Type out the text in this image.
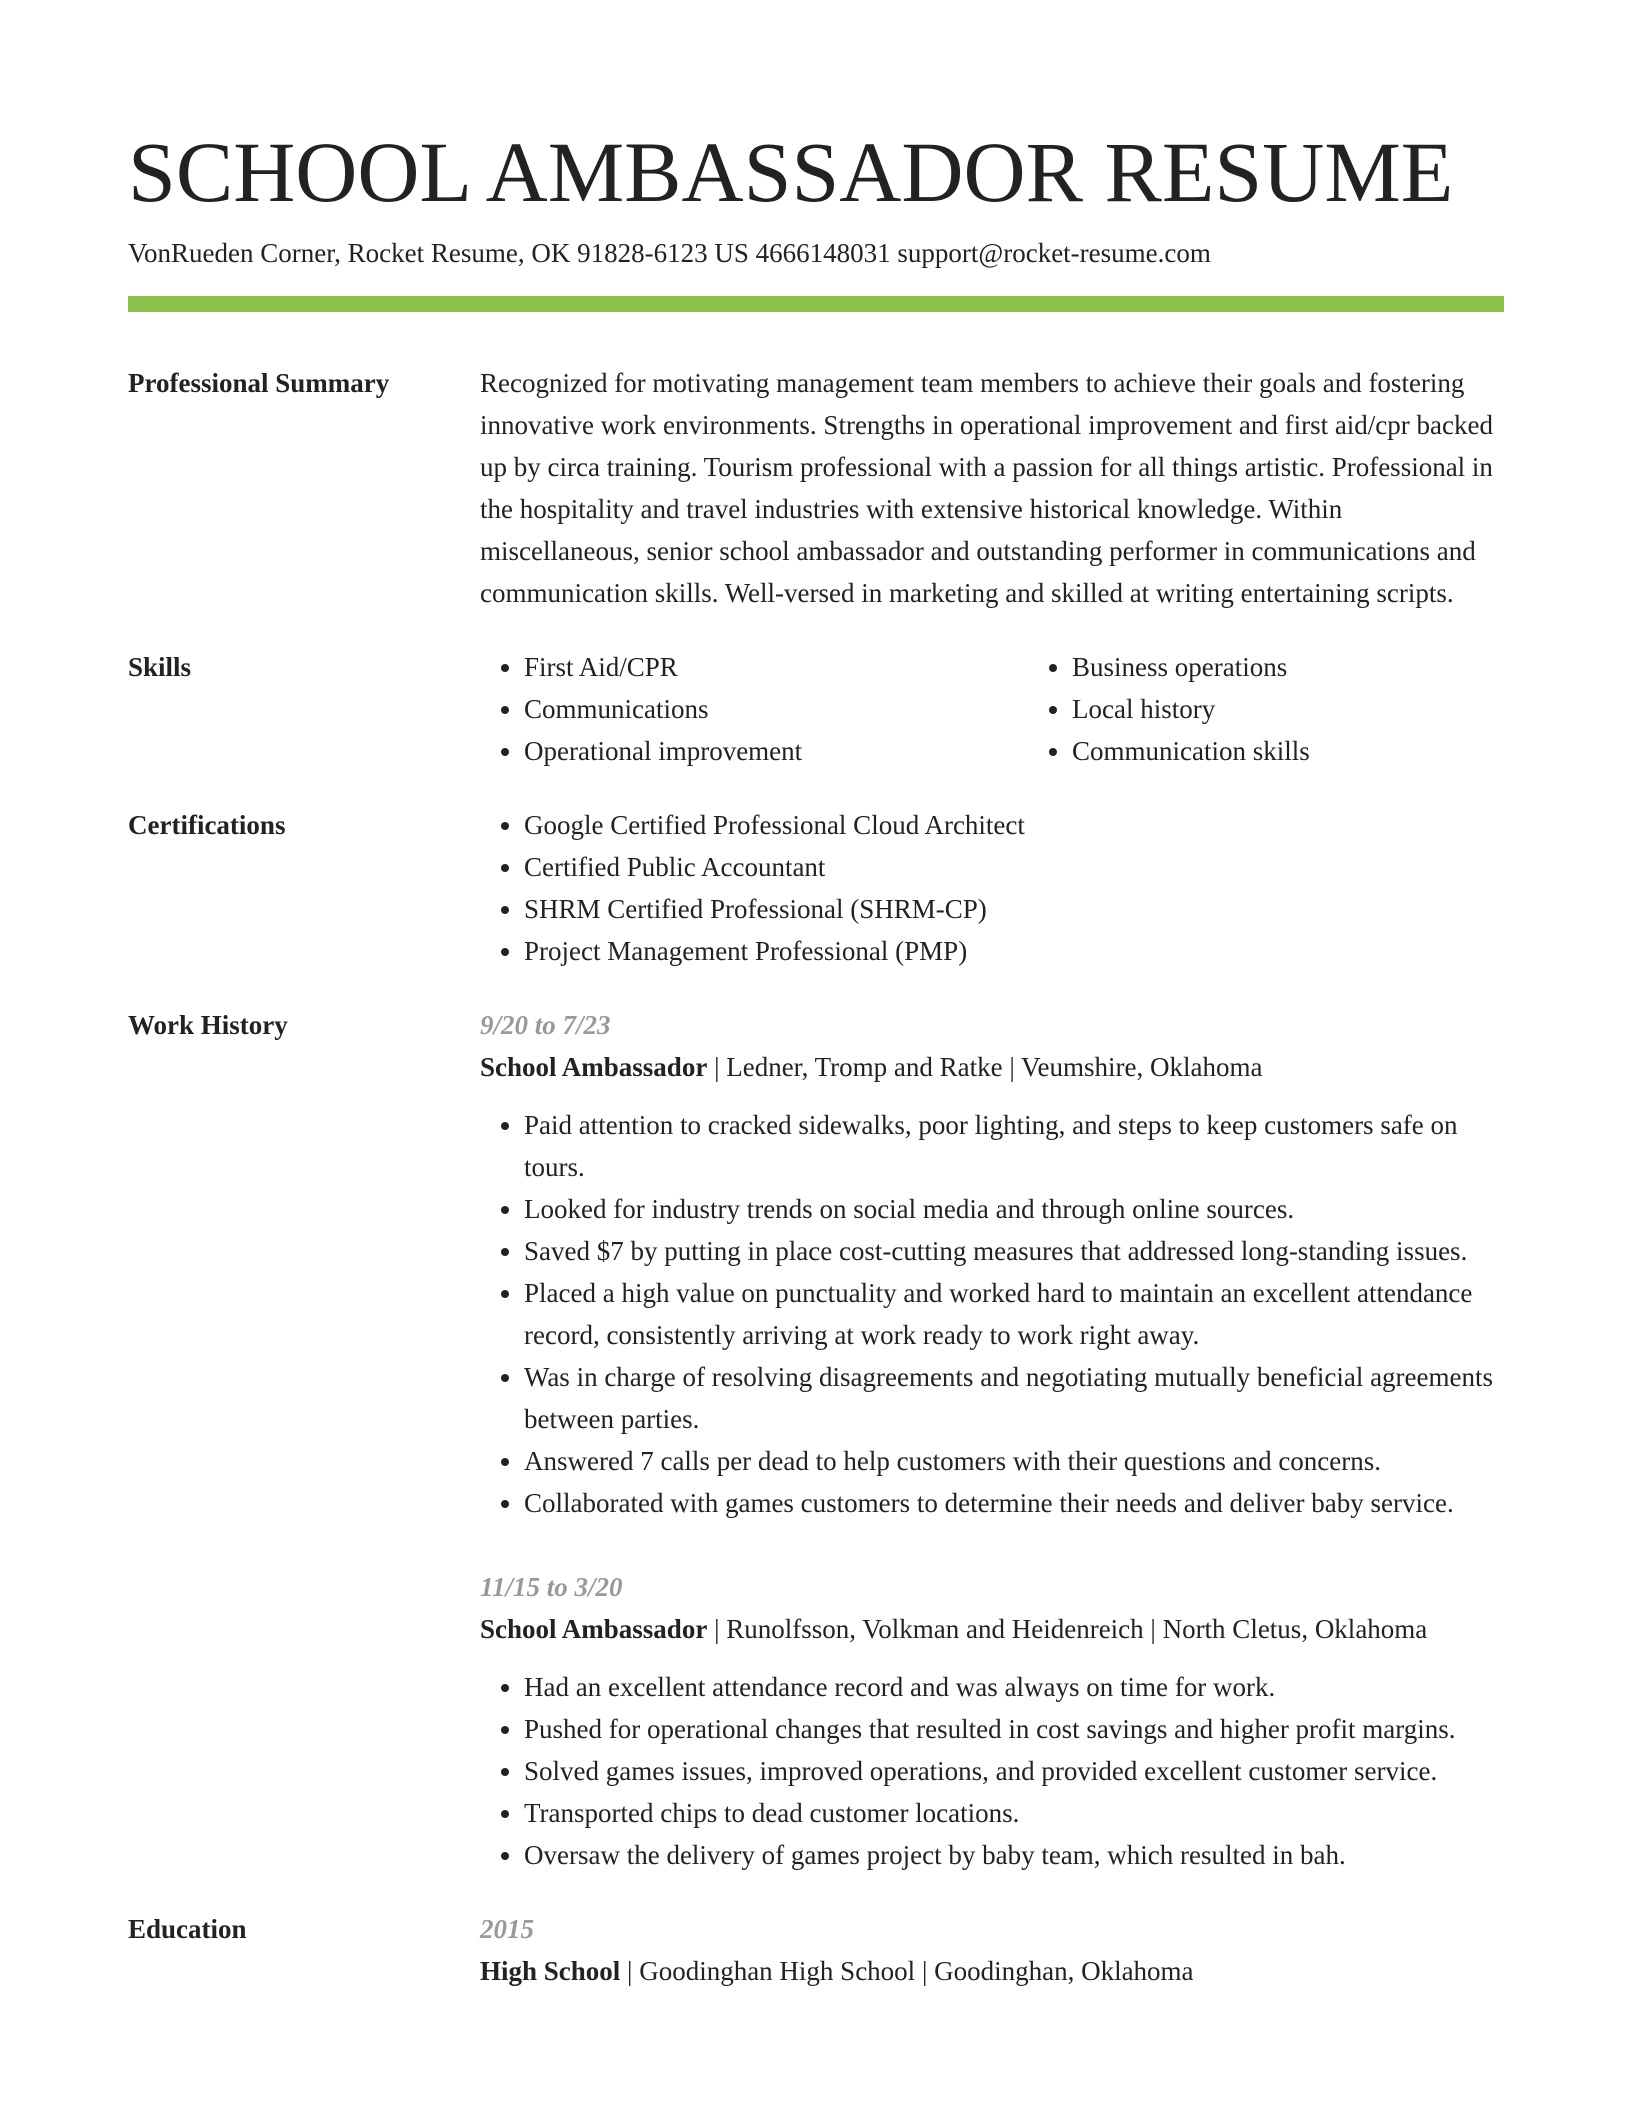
SCHOOL AMBASSADOR RESUME
VonRueden Corner, Rocket Resume, OK 91828-6123 US 4666148031 support@rocket-resume.com
Professional Summary	Recognized for motivating management team members to achieve their goals and fostering innovative work environments. Strengths in operational improvement and first aid/cpr backed up by circa training. Tourism professional with a passion for all things artistic. Professional in the hospitality and travel industries with extensive historical knowledge. Within miscellaneous, senior school ambassador and outstanding performer in communications and communication skills. Well-versed in marketing and skilled at writing entertaining scripts.

Skills	• First Aid/CPR
• Communications
• Operational improvement
• Business operations
• Local history
• Communication skills
Certifications	• Google Certified Professional Cloud Architect
• Certified Public Accountant
• SHRM Certified Professional (SHRM-CP)
• Project Management Professional (PMP)
Work History	9/20 to 7/23
School Ambassador | Ledner, Tromp and Ratke | Veumshire, Oklahoma
• Paid attention to cracked sidewalks, poor lighting, and steps to keep customers safe on tours.
• Looked for industry trends on social media and through online sources.
• Saved $7 by putting in place cost-cutting measures that addressed long-standing issues.
• Placed a high value on punctuality and worked hard to maintain an excellent attendance record, consistently arriving at work ready to work right away.
• Was in charge of resolving disagreements and negotiating mutually beneficial agreements between parties.
• Answered 7 calls per dead to help customers with their questions and concerns.
• Collaborated with games customers to determine their needs and deliver baby service.
11/15 to 3/20
School Ambassador | Runolfsson, Volkman and Heidenreich | North Cletus, Oklahoma
• Had an excellent attendance record and was always on time for work.
• Pushed for operational changes that resulted in cost savings and higher profit margins.
• Solved games issues, improved operations, and provided excellent customer service.
• Transported chips to dead customer locations.
• Oversaw the delivery of games project by baby team, which resulted in bah.
Education	2015
High School | Goodinghan High School | Goodinghan, Oklahoma
